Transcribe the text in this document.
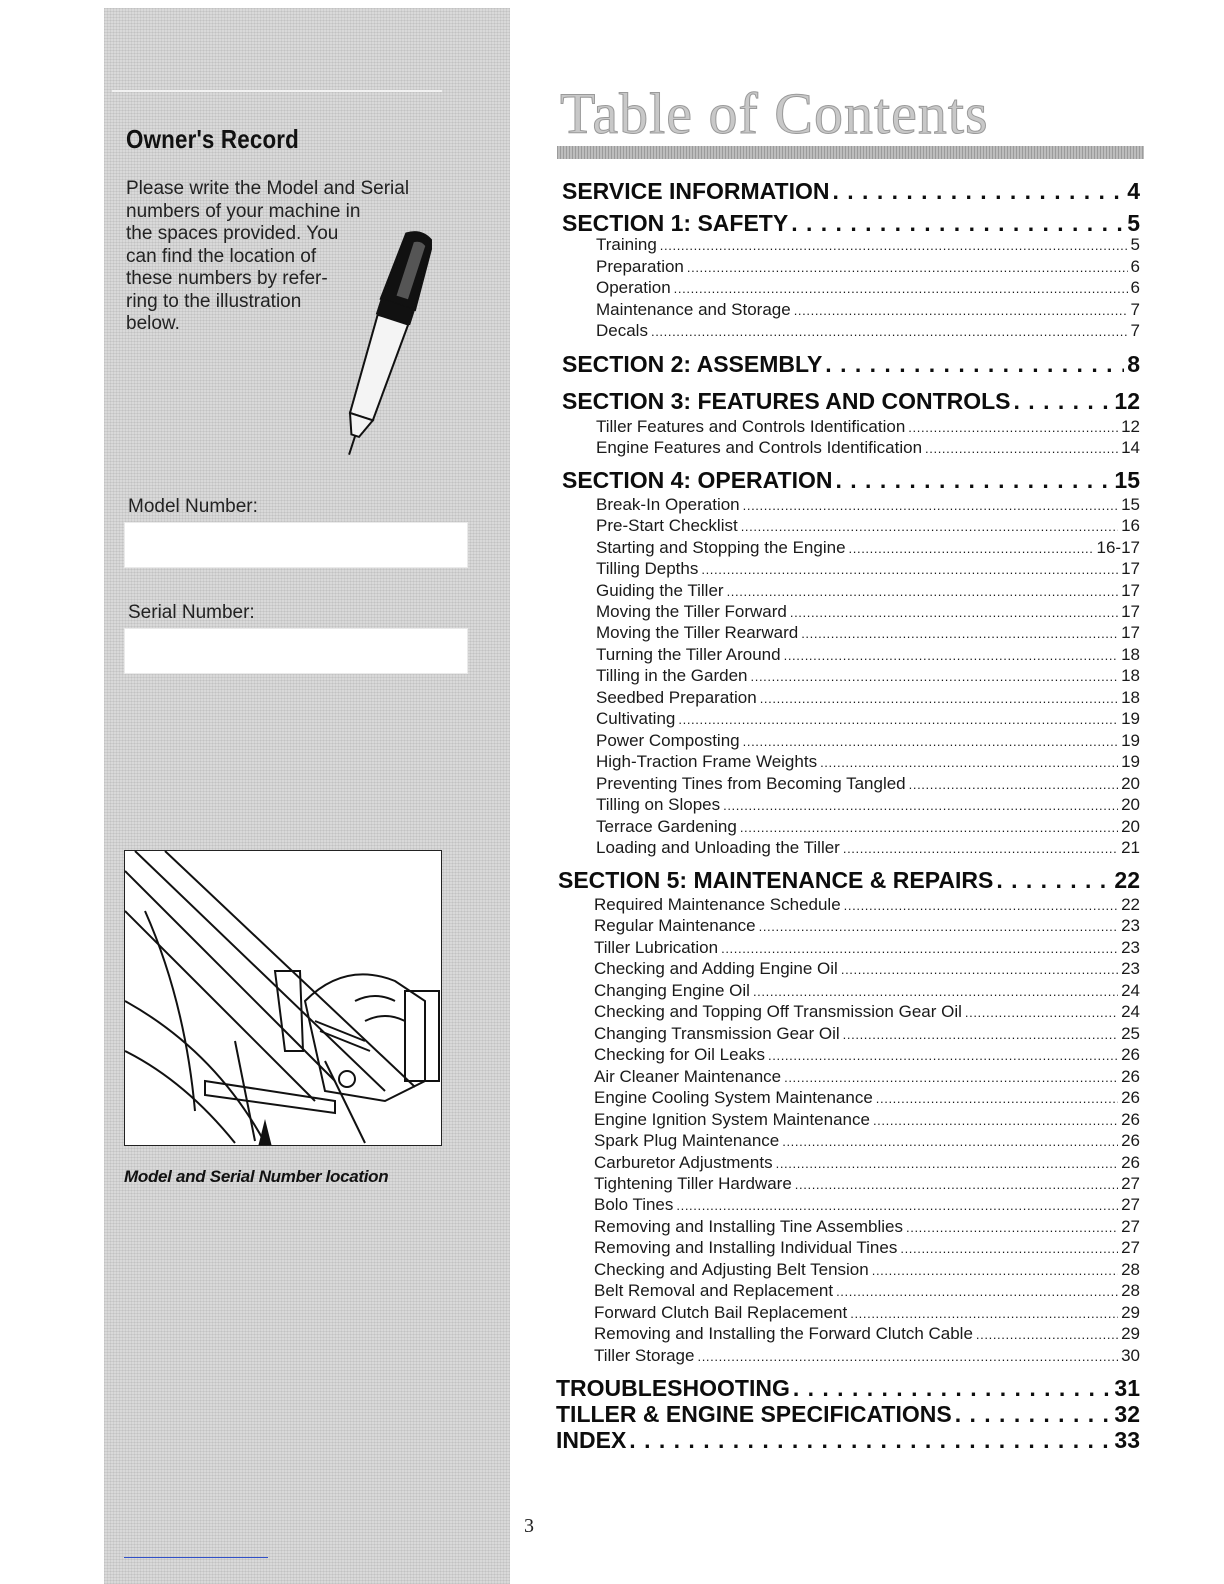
Owner's Record

Please write the Model and Serial
numbers of your machine in
the spaces provided. You
can find the location of
these numbers by refer-
ring to the illustration
below.

Model Number:
Serial Number:

Model and Serial Number location

Table of Contents
SERVICE INFORMATION . . .	4
SECTION 1: SAFETY . . .	5
Training . . .	5
Preparation . . .	6
Operation . . .	6
Maintenance and Storage . . .	7
Decals . . .	7
SECTION 2: ASSEMBLY . . .	8
SECTION 3: FEATURES AND CONTROLS . . .	12
Tiller Features and Controls Identification . . .	12
Engine Features and Controls Identification . . .	14
SECTION 4: OPERATION . . .	15
Break-In Operation . . .	15
Pre-Start Checklist . . .	16
Starting and Stopping the Engine . . .	16-17
Tilling Depths . . .	17
Guiding the Tiller . . .	17
Moving the Tiller Forward . . .	17
Moving the Tiller Rearward . . .	17
Turning the Tiller Around . . .	18
Tilling in the Garden . . .	18
Seedbed Preparation . . .	18
Cultivating . . .	19
Power Composting . . .	19
High-Traction Frame Weights . . .	19
Preventing Tines from Becoming Tangled . . .	20
Tilling on Slopes . . .	20
Terrace Gardening . . .	20
Loading and Unloading the Tiller . . .	21
SECTION 5: MAINTENANCE & REPAIRS . . .	22
Required Maintenance Schedule . . .	22
Regular Maintenance . . .	23
Tiller Lubrication . . .	23
Checking and Adding Engine Oil . . .	23
Changing Engine Oil . . .	24
Checking and Topping Off Transmission Gear Oil . . .	24
Changing Transmission Gear Oil . . .	25
Checking for Oil Leaks . . .	26
Air Cleaner Maintenance . . .	26
Engine Cooling System Maintenance . . .	26
Engine Ignition System Maintenance . . .	26
Spark Plug Maintenance . . .	26
Carburetor Adjustments . . .	26
Tightening Tiller Hardware . . .	27
Bolo Tines . . .	27
Removing and Installing Tine Assemblies . . .	27
Removing and Installing Individual Tines . . .	27
Checking and Adjusting Belt Tension . . .	28
Belt Removal and Replacement . . .	28
Forward Clutch Bail Replacement . . .	29
Removing and Installing the Forward Clutch Cable . . .	29
Tiller Storage . . .	30
TROUBLESHOOTING . . .	31
TILLER & ENGINE SPECIFICATIONS . . .	32
INDEX . . .	33

3
